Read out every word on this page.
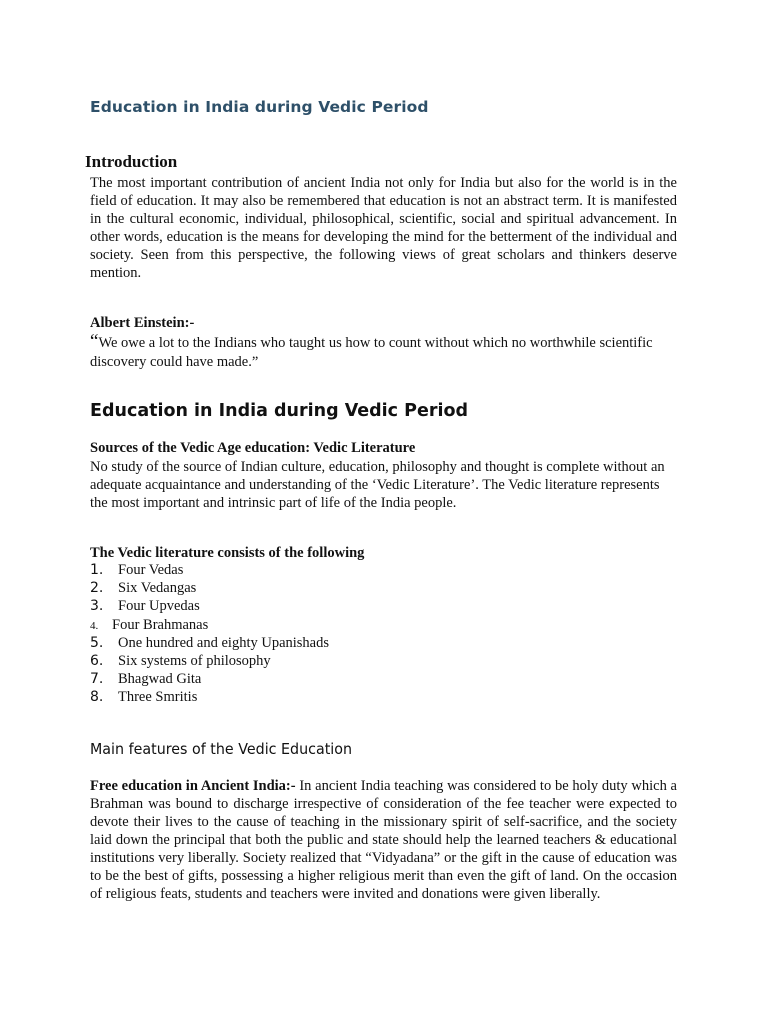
Education in India during Vedic Period
Introduction

The most important contribution of ancient India not only for India but also for the world is in the field of education. It may also be remembered that education is not an abstract term. It is manifested in the cultural economic, individual, philosophical, scientific, social and spiritual advancement. In other words, education is the means for developing the mind for the betterment of the individual and society. Seen from this perspective, the following views of great scholars and thinkers deserve mention.

Albert Einstein:-

“We owe a lot to the Indians who taught us how to count without which no worthwhile scientific discovery could have made.”

Education in India during Vedic Period

Sources of the Vedic Age education: Vedic Literature

No study of the source of Indian culture, education, philosophy and thought is complete without an adequate acquaintance and understanding of the ‘Vedic Literature’. The Vedic literature represents the most important and intrinsic part of life of the India people.

The Vedic literature consists of the following

1. Four Vedas
2. Six Vedangas
3. Four Upvedas
4. Four Brahmanas
5. One hundred and eighty Upanishads
6. Six systems of philosophy
7. Bhagwad Gita
8. Three Smritis
Main features of the Vedic Education

Free education in Ancient India:- In ancient India teaching was considered to be holy duty which a Brahman was bound to discharge irrespective of consideration of the fee teacher were expected to devote their lives to the cause of teaching in the missionary spirit of self-sacrifice, and the society laid down the principal that both the public and state should help the learned teachers & educational institutions very liberally. Society realized that “Vidyadana” or the gift in the cause of education was to be the best of gifts, possessing a higher religious merit than even the gift of land. On the occasion of religious feats, students and teachers were invited and donations were given liberally.
